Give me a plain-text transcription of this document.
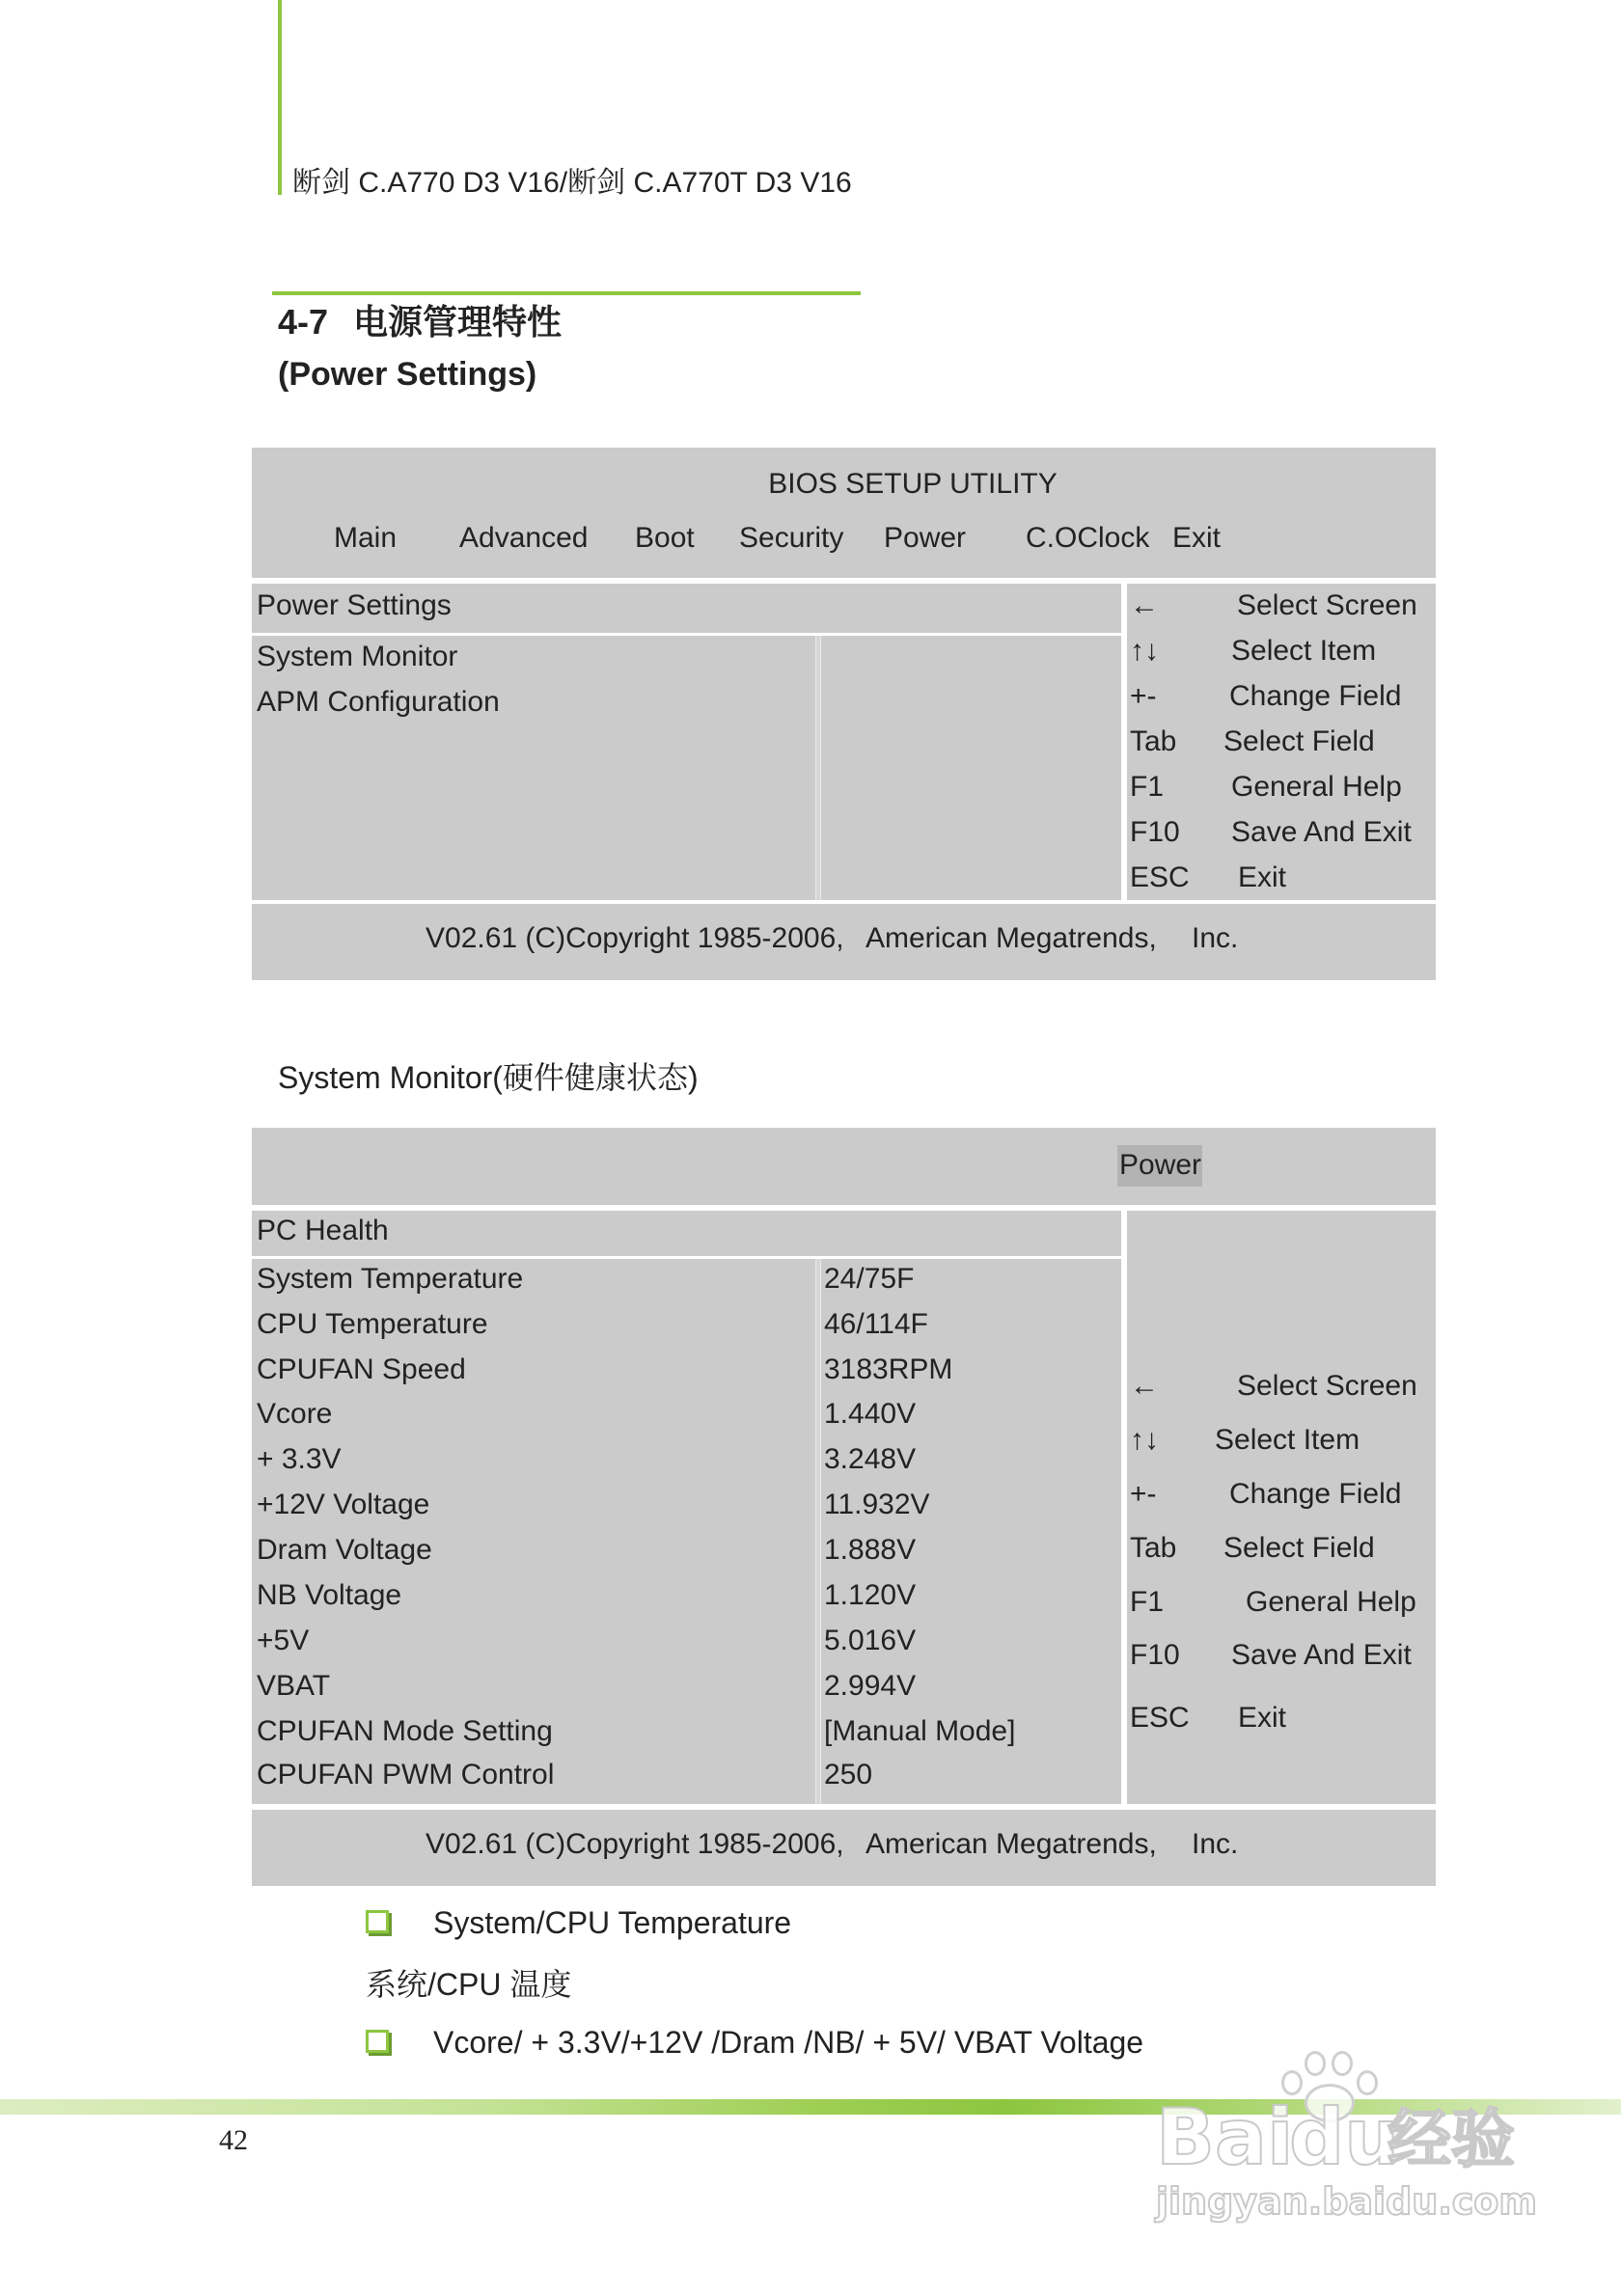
断剑 C.A770 D3 V16/断剑 C.A770T D3 V16
4-7 电源管理特性
(Power Settings)
BIOS SETUP UTILITY
Main Advanced Boot Security Power C.OClock Exit
Power Settings
System Monitor
APM Configuration
←	Select Screen
↑↓	Select Item
+-	Change Field
Tab Select Field
F1 General Help
F10 Save And Exit
ESC Exit
V02.61 (C)Copyright 1985-2006, American Megatrends, Inc.
System Monitor(硬件健康状态)
Power
PC Health
System Temperature	24/75F
CPU Temperature	46/114F
CPUFAN Speed	3183RPM
Vcore	1.440V
+ 3.3V	3.248V
+12V Voltage	11.932V
Dram Voltage	1.888V
NB Voltage	1.120V
+5V	5.016V
VBAT	2.994V
CPUFAN Mode Setting	[Manual Mode]
CPUFAN PWM Control	250
←	Select Screen
↑↓ Select Item
+-	Change Field
Tab Select Field
F1	General Help
F10 Save And Exit
ESC Exit
V02.61 (C)Copyright 1985-2006, American Megatrends, Inc.
System/CPU Temperature
系统/CPU 温度
Vcore/ + 3.3V/+12V /Dram /NB/ + 5V/ VBAT Voltage
42	Bai
du
经验
jingyan.baidu.com
